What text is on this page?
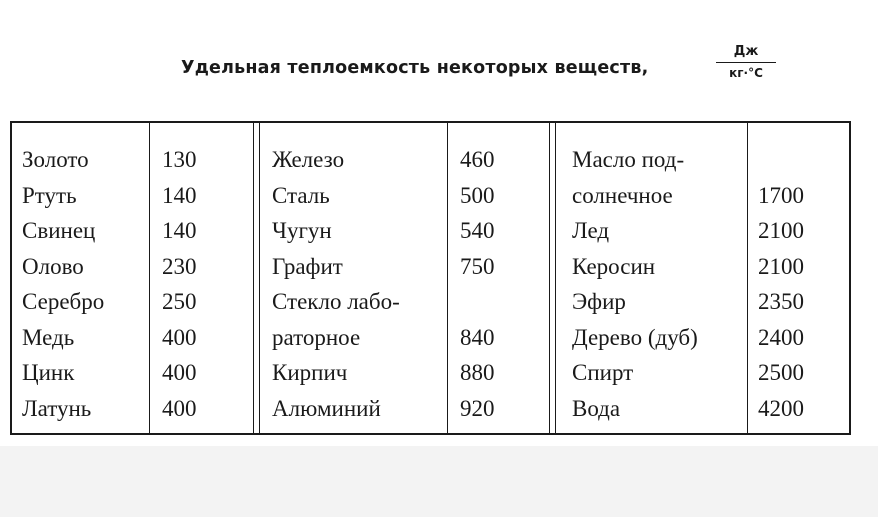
Удельная теплоемкость некоторых веществ,
Дж
кг·°С
Золото	130
Ртуть	140
Свинец	140
Олово	230
Серебро	250
Медь	400
Цинк	400
Латунь	400
Железо	460
Сталь	500
Чугун	540
Графит	750
Стекло лабо-
раторное	840
Кирпич	880
Алюминий	920
Масло под-
солнечное	1700
Лед	2100
Керосин	2100
Эфир	2350
Дерево (дуб)	2400
Спирт	2500
Вода	4200
